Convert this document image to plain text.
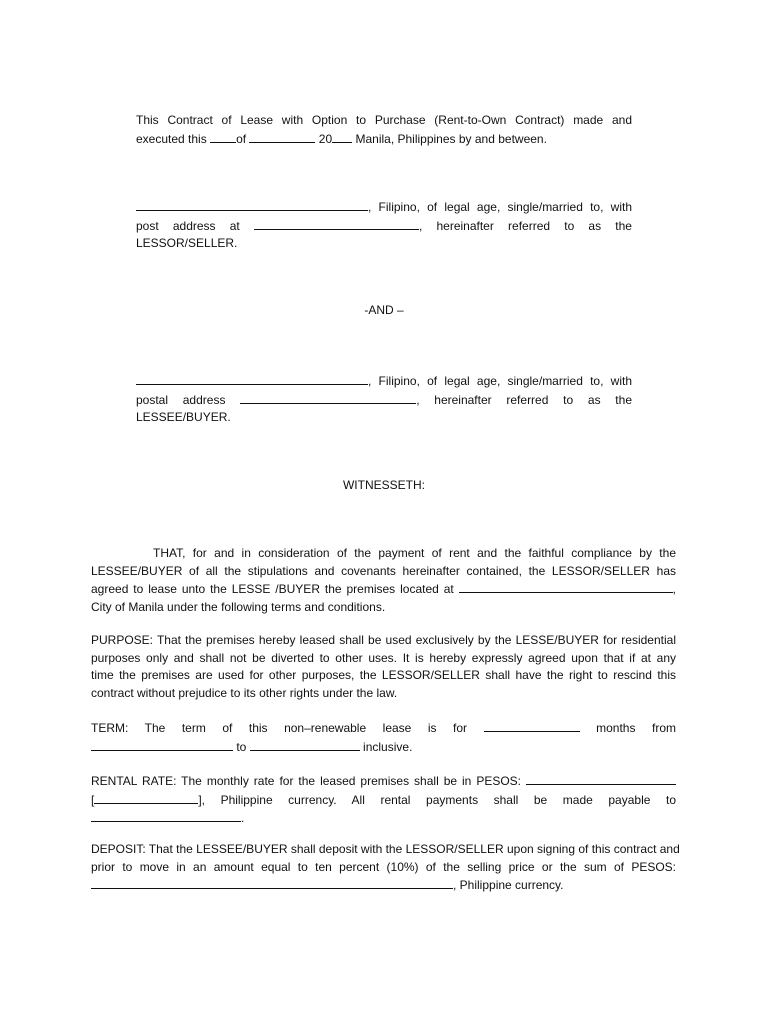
This Contract of Lease with Option to Purchase (Rent-to-Own Contract) made and
executed this of	20 Manila, Philippines by and between.
, Filipino, of legal age, single/married to, with
post address at	, hereinafter referred to as the
LESSOR/SELLER.
-AND –
, Filipino, of legal age, single/married to, with
postal address	, hereinafter referred to as the
LESSEE/BUYER.
WITNESSETH:
THAT, for and in consideration of the payment of rent and the faithful compliance by the
LESSEE/BUYER of all the stipulations and covenants hereinafter contained, the LESSOR/SELLER has
agreed to lease unto the LESSE /BUYER the premises located at	,
City of Manila under the following terms and conditions.
PURPOSE: That the premises hereby leased shall be used exclusively by the LESSE/BUYER for residential
purposes only and shall not be diverted to other uses. It is hereby expressly agreed upon that if at any
time the premises are used for other purposes, the LESSOR/SELLER shall have the right to rescind this
contract without prejudice to its other rights under the law.
TERM: The term of this non–renewable lease is for	months from
to	inclusive.
RENTAL RATE: The monthly rate for the leased premises shall be in PESOS:
[	], Philippine currency. All rental payments shall be made payable to
.
DEPOSIT: That the LESSEE/BUYER shall deposit with the LESSOR/SELLER upon signing of this contract and
prior to move in an amount equal to ten percent (10%) of the selling price or the sum of PESOS:
, Philippine currency.
